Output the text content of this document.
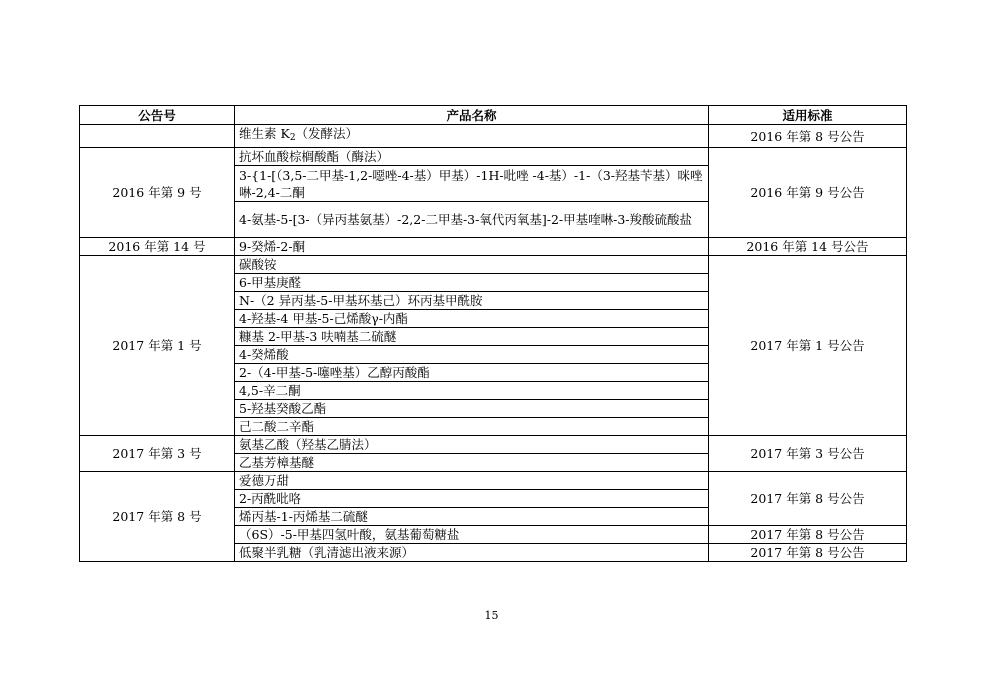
公告号	产品名称	适用标准
	维生素 $K_2$（发酵法）	2016 年第 8 号公告
2016 年第 9 号	抗坏血酸棕榈酸酯（酶法）	2016 年第 9 号公告
	3-{1-[（3,5-二甲基-1,2-噁唑-4-基）甲基）-1H-吡唑 -4-基）-1-（3-羟基苄基）咪唑啉-2,4-二酮	
	4-氨基-5-[3-（异丙基氨基）-2,2-二甲基-3-氧代丙氧基]-2-甲基喹啉-3-羧酸硫酸盐	
2016 年第 14 号	9-癸烯-2-酮	2016 年第 14 号公告
2017 年第 1 号	碳酸铵	2017 年第 1 号公告
	6-甲基庚醛	
	N-（2 异丙基-5-甲基环基己）环丙基甲酰胺	
	4-羟基-4 甲基-5-己烯酸γ-内酯	
	糠基 2-甲基-3 呋喃基二硫醚	
	4-癸烯酸	
	2-（4-甲基-5-噻唑基）乙醇丙酸酯	
	4,5-辛二酮	
	5-羟基癸酸乙酯	
	己二酸二辛酯	
2017 年第 3 号	氨基乙酸（羟基乙腈法）	2017 年第 3 号公告
	乙基芳樟基醚	
2017 年第 8 号	爱德万甜	2017 年第 8 号公告
	2-丙酰吡咯	
	烯丙基-1-丙烯基二硫醚	
	（6S）-5-甲基四氢叶酸，氨基葡萄糖盐	2017 年第 8 号公告
	低聚半乳糖（乳清滤出液来源）	2017 年第 8 号公告
15
